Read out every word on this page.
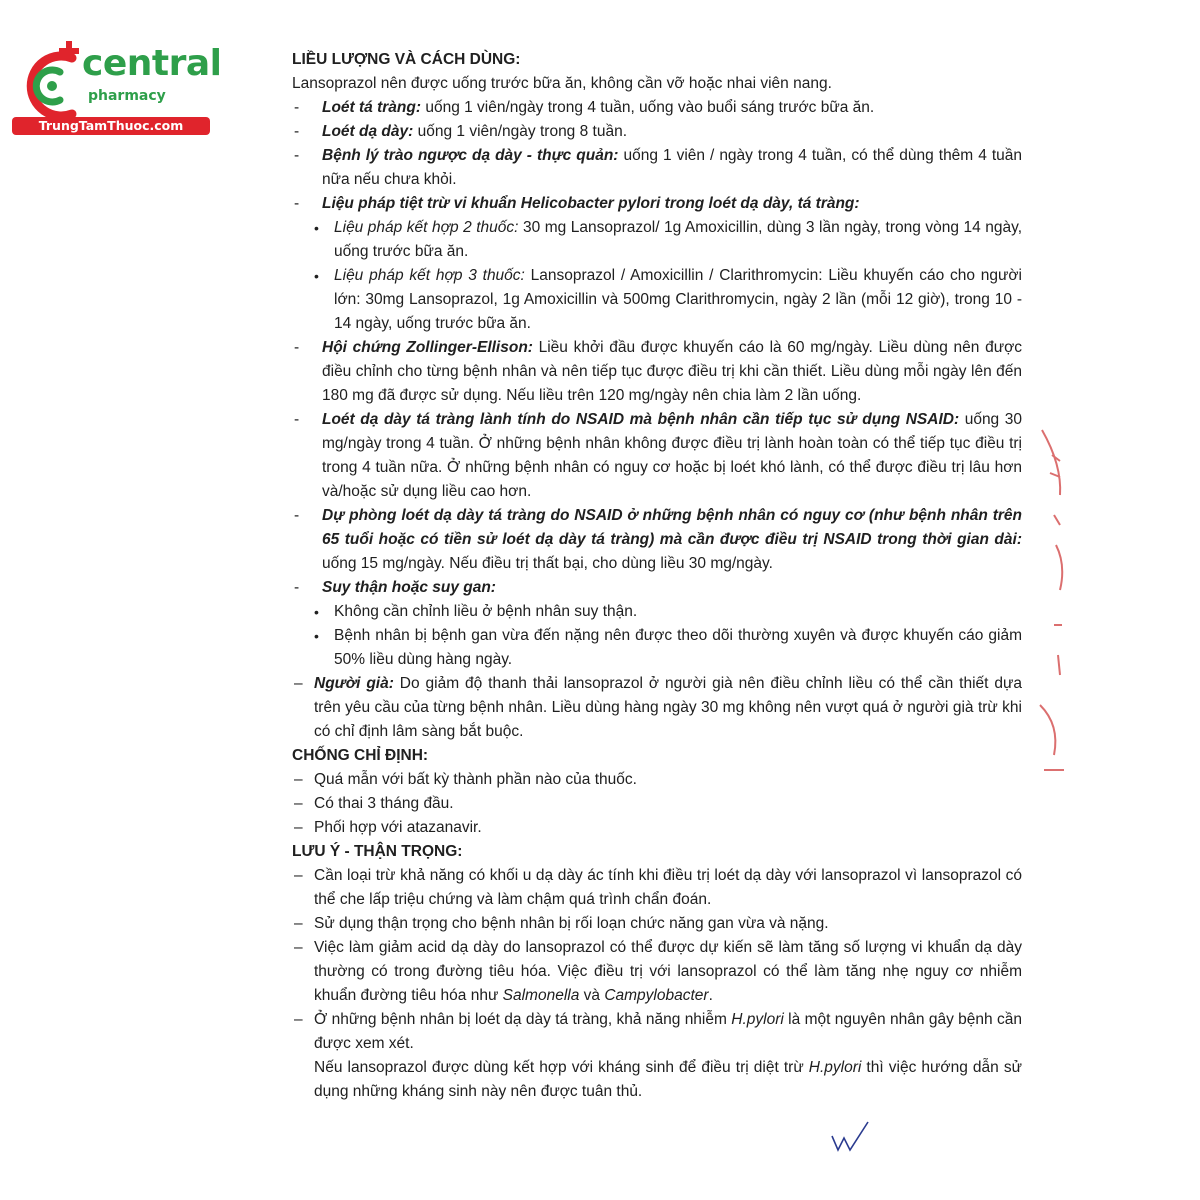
central
pharmacy
TrungTamThuoc.com

LIỀU LƯỢNG VÀ CÁCH DÙNG:

Lansoprazol nên được uống trước bữa ăn, không cần vỡ hoặc nhai viên nang.

- Loét tá tràng: uống 1 viên/ngày trong 4 tuần, uống vào buổi sáng trước bữa ăn.
- Loét dạ dày: uống 1 viên/ngày trong 8 tuần.
- Bệnh lý trào ngược dạ dày - thực quản: uống 1 viên / ngày trong 4 tuần, có thể dùng thêm 4 tuần nữa nếu chưa khỏi.
- Liệu pháp tiệt trừ vi khuẩn Helicobacter pylori trong loét dạ dày, tá tràng:
• Liệu pháp kết hợp 2 thuốc: 30 mg Lansoprazol/ 1g Amoxicillin, dùng 3 lần ngày, trong vòng 14 ngày, uống trước bữa ăn.
• Liệu pháp kết hợp 3 thuốc: Lansoprazol / Amoxicillin / Clarithromycin: Liều khuyến cáo cho người lớn: 30mg Lansoprazol, 1g Amoxicillin và 500mg Clarithromycin, ngày 2 lần (mỗi 12 giờ), trong 10 - 14 ngày, uống trước bữa ăn.
- Hội chứng Zollinger-Ellison: Liều khởi đầu được khuyến cáo là 60 mg/ngày. Liều dùng nên được điều chỉnh cho từng bệnh nhân và nên tiếp tục được điều trị khi cần thiết. Liều dùng mỗi ngày lên đến 180 mg đã được sử dụng. Nếu liều trên 120 mg/ngày nên chia làm 2 lần uống.
- Loét dạ dày tá tràng lành tính do NSAID mà bệnh nhân cần tiếp tục sử dụng NSAID: uống 30 mg/ngày trong 4 tuần. Ở những bệnh nhân không được điều trị lành hoàn toàn có thể tiếp tục điều trị trong 4 tuần nữa. Ở những bệnh nhân có nguy cơ hoặc bị loét khó lành, có thể được điều trị lâu hơn và/hoặc sử dụng liều cao hơn.
- Dự phòng loét dạ dày tá tràng do NSAID ở những bệnh nhân có nguy cơ (như bệnh nhân trên 65 tuổi hoặc có tiền sử loét dạ dày tá tràng) mà cần được điều trị NSAID trong thời gian dài: uống 15 mg/ngày. Nếu điều trị thất bại, cho dùng liều 30 mg/ngày.
- Suy thận hoặc suy gan:
• Không cần chỉnh liều ở bệnh nhân suy thận.
• Bệnh nhân bị bệnh gan vừa đến nặng nên được theo dõi thường xuyên và được khuyến cáo giảm 50% liều dùng hàng ngày.
– Người già: Do giảm độ thanh thải lansoprazol ở người già nên điều chỉnh liều có thể cần thiết dựa trên yêu cầu của từng bệnh nhân. Liều dùng hàng ngày 30 mg không nên vượt quá ở người già trừ khi có chỉ định lâm sàng bắt buộc.

CHỐNG CHỈ ĐỊNH:

– Quá mẫn với bất kỳ thành phần nào của thuốc.
– Có thai 3 tháng đầu.
– Phối hợp với atazanavir.

LƯU Ý - THẬN TRỌNG:

– Cần loại trừ khả năng có khối u dạ dày ác tính khi điều trị loét dạ dày với lansoprazol vì lansoprazol có thể che lấp triệu chứng và làm chậm quá trình chẩn đoán.
– Sử dụng thận trọng cho bệnh nhân bị rối loạn chức năng gan vừa và nặng.
– Việc làm giảm acid dạ dày do lansoprazol có thể được dự kiến sẽ làm tăng số lượng vi khuẩn dạ dày thường có trong đường tiêu hóa. Việc điều trị với lansoprazol có thể làm tăng nhẹ nguy cơ nhiễm khuẩn đường tiêu hóa như Salmonella và Campylobacter.
– Ở những bệnh nhân bị loét dạ dày tá tràng, khả năng nhiễm H.pylori là một nguyên nhân gây bệnh cần được xem xét.
Nếu lansoprazol được dùng kết hợp với kháng sinh để điều trị diệt trừ H.pylori thì việc hướng dẫn sử dụng những kháng sinh này nên được tuân thủ.
